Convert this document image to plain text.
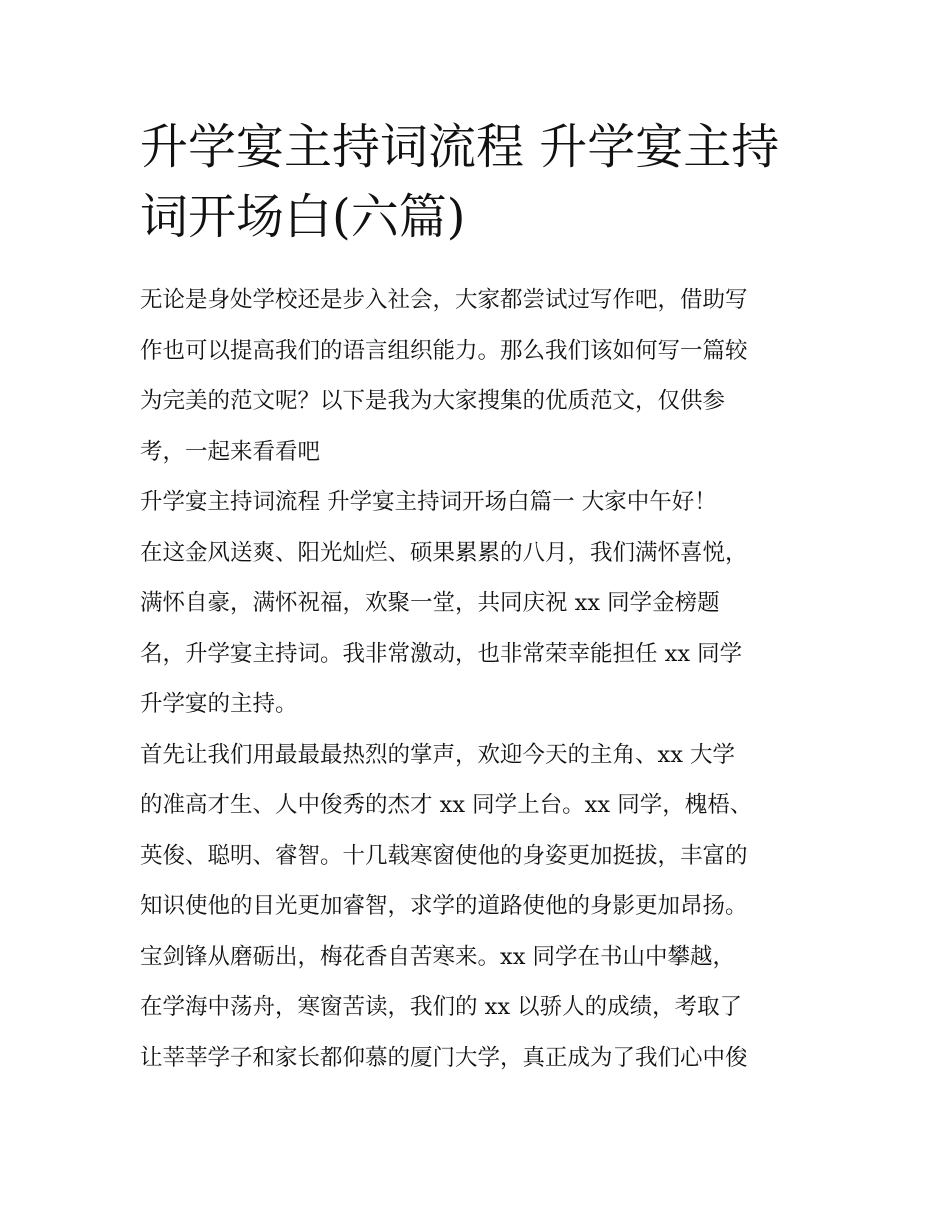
升学宴主持词流程 升学宴主持
词开场白(六篇)
无论是身处学校还是步入社会，大家都尝试过写作吧，借助写
作也可以提高我们的语言组织能力。那么我们该如何写一篇较
为完美的范文呢？以下是我为大家搜集的优质范文，仅供参
考，一起来看看吧
升学宴主持词流程 升学宴主持词开场白篇一 大家中午好！
在这金风送爽、阳光灿烂、硕果累累的八月，我们满怀喜悦，
满怀自豪，满怀祝福，欢聚一堂，共同庆祝 xx 同学金榜题
名，升学宴主持词。我非常激动，也非常荣幸能担任 xx 同学
升学宴的主持。
首先让我们用最最最热烈的掌声，欢迎今天的主角、xx 大学
的准高才生、人中俊秀的杰才 xx 同学上台。xx 同学，槐梧、
英俊、聪明、睿智。十几载寒窗使他的身姿更加挺拔，丰富的
知识使他的目光更加睿智，求学的道路使他的身影更加昂扬。
宝剑锋从磨砺出，梅花香自苦寒来。xx 同学在书山中攀越，
在学海中荡舟，寒窗苦读，我们的 xx 以骄人的成绩，考取了
让莘莘学子和家长都仰慕的厦门大学，真正成为了我们心中俊
